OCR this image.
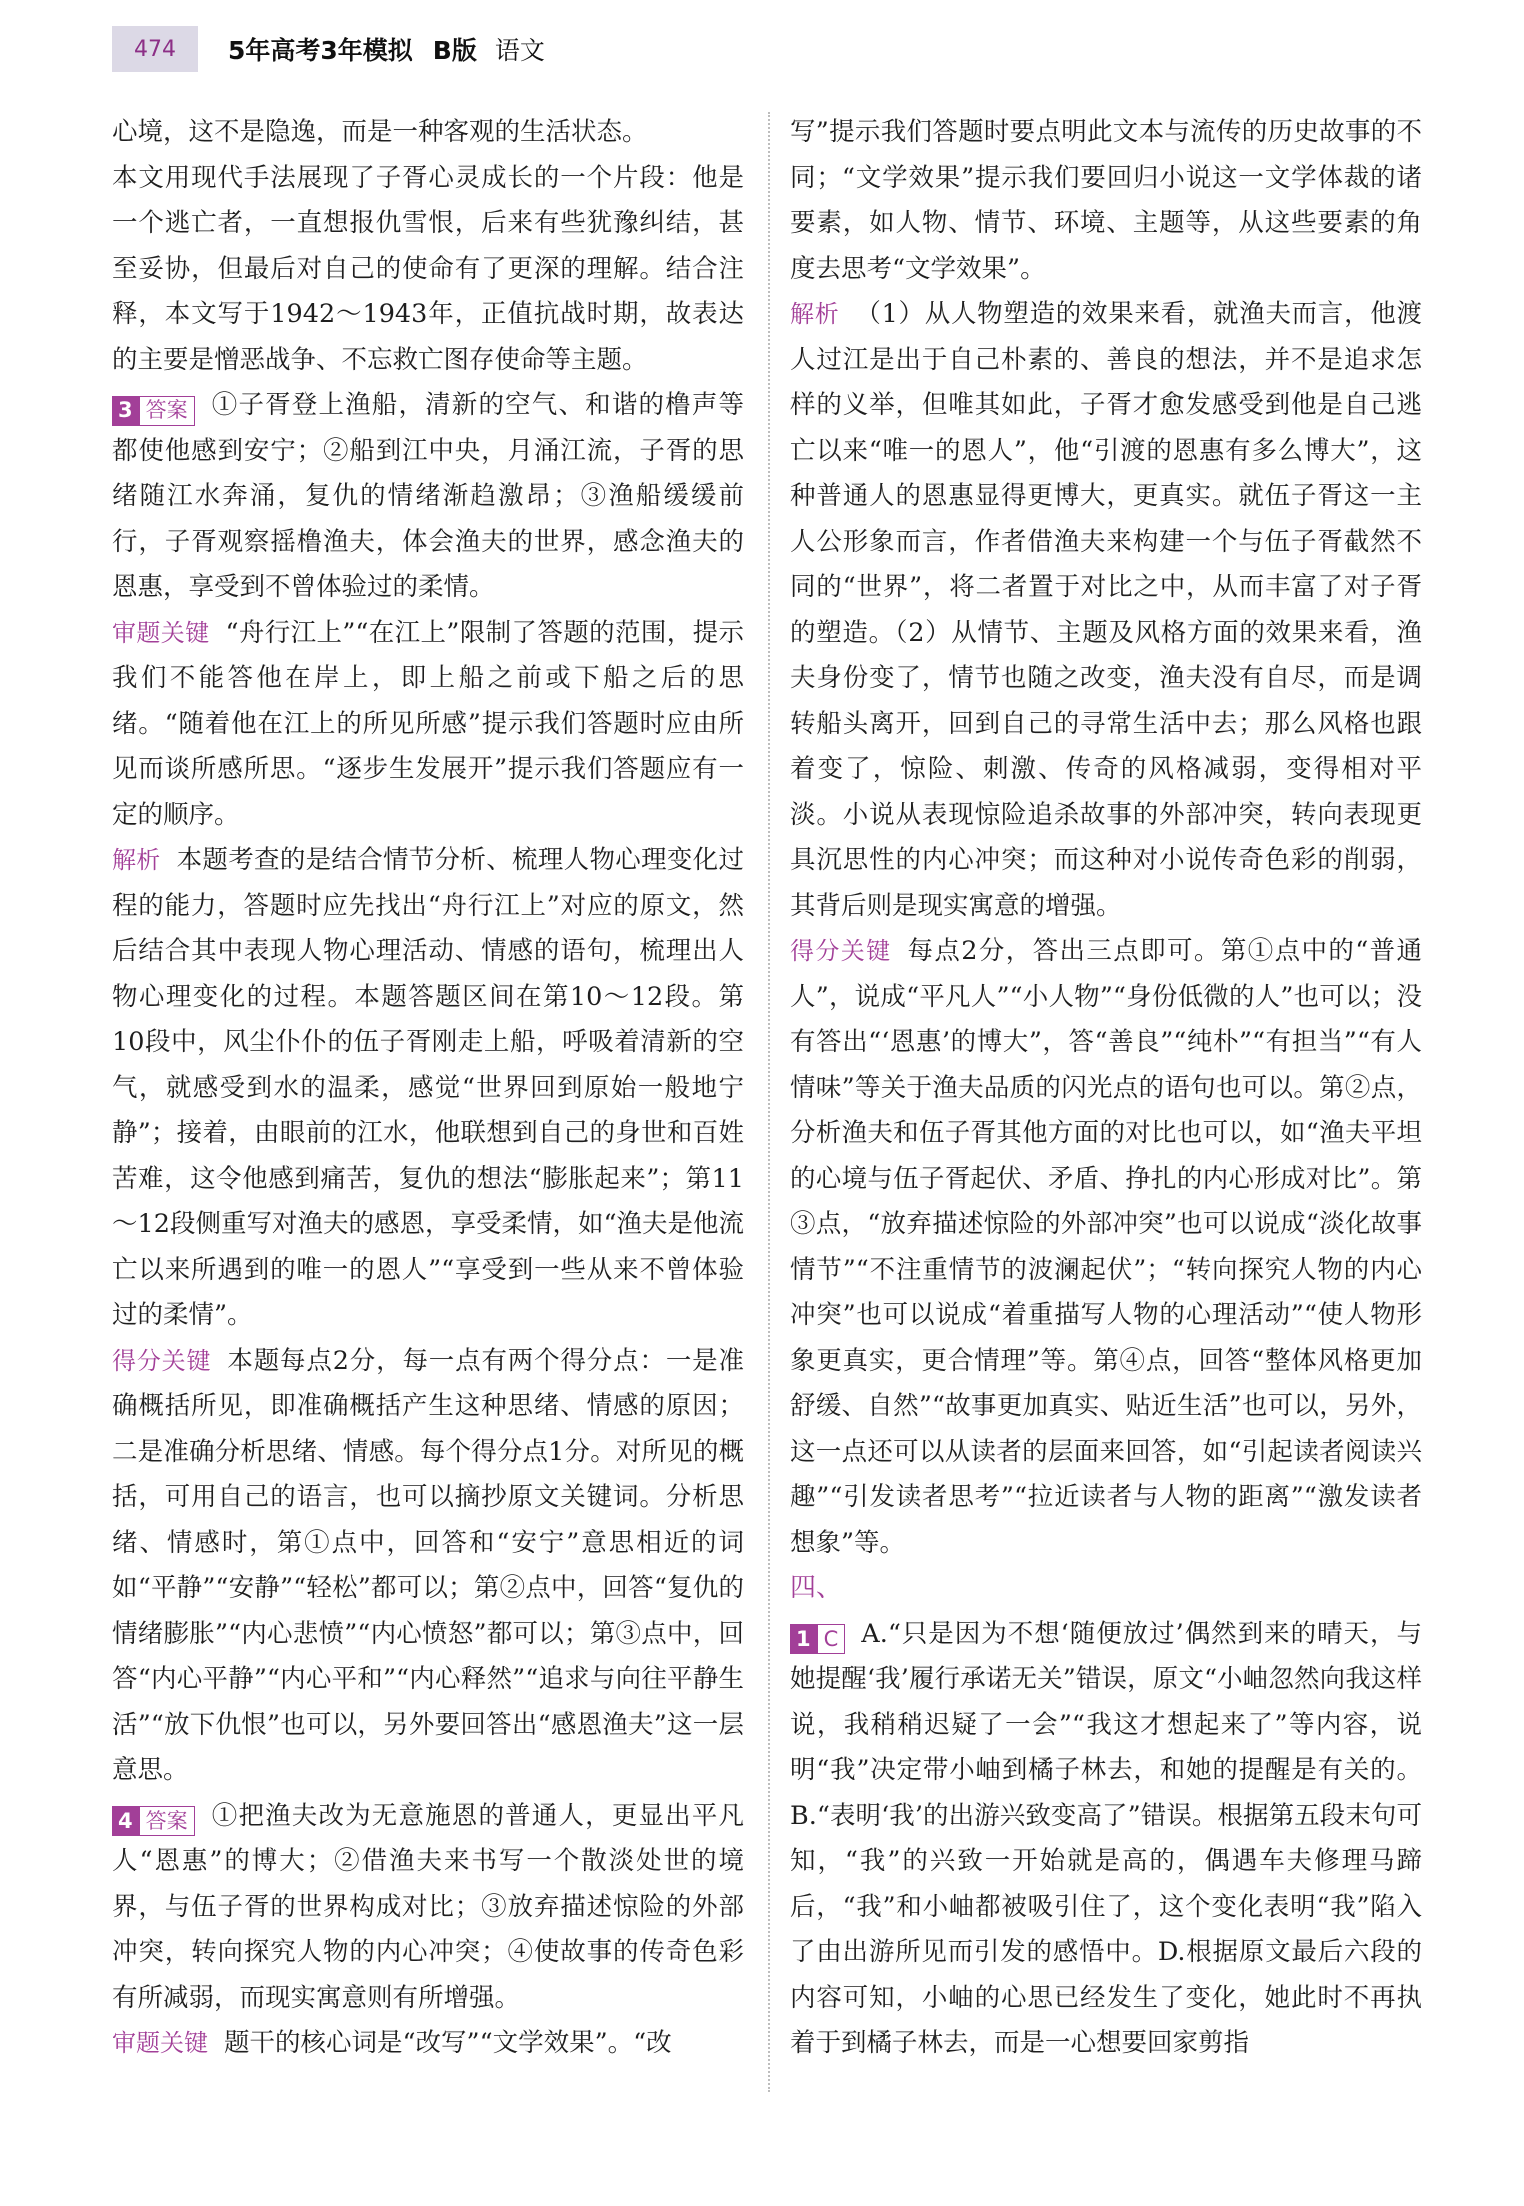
474	5年高考3年模拟 B版 语文

心境，这不是隐逸，而是一种客观的生活状态。

本文用现代手法展现了子胥心灵成长的一个片段：他是一个逃亡者，一直想报仇雪恨，后来有些犹豫纠结，甚至妥协，但最后对自己的使命有了更深的理解。结合注释，本文写于1942～1943年，正值抗战时期，故表达的主要是憎恶战争、不忘救亡图存使命等主题。

3 答案 ①子胥登上渔船，清新的空气、和谐的橹声等都使他感到安宁；②船到江中央，月涌江流，子胥的思绪随江水奔涌，复仇的情绪渐趋激昂；③渔船缓缓前行，子胥观察摇橹渔夫，体会渔夫的世界，感念渔夫的恩惠，享受到不曾体验过的柔情。

审题关键 “舟行江上”“在江上”限制了答题的范围，提示我们不能答他在岸上，即上船之前或下船之后的思绪。“随着他在江上的所见所感”提示我们答题时应由所见而谈所感所思。“逐步生发展开”提示我们答题应有一定的顺序。

解析 本题考查的是结合情节分析、梳理人物心理变化过程的能力，答题时应先找出“舟行江上”对应的原文，然后结合其中表现人物心理活动、情感的语句，梳理出人物心理变化的过程。本题答题区间在第10～12段。第10段中，风尘仆仆的伍子胥刚走上船，呼吸着清新的空气，就感受到水的温柔，感觉“世界回到原始一般地宁静”；接着，由眼前的江水，他联想到自己的身世和百姓苦难，这令他感到痛苦，复仇的想法“膨胀起来”；第11～12段侧重写对渔夫的感恩，享受柔情，如“渔夫是他流亡以来所遇到的唯一的恩人”“享受到一些从来不曾体验过的柔情”。

得分关键 本题每点2分，每一点有两个得分点：一是准确概括所见，即准确概括产生这种思绪、情感的原因；二是准确分析思绪、情感。每个得分点1分。对所见的概括，可用自己的语言，也可以摘抄原文关键词。分析思绪、情感时，第①点中，回答和“安宁”意思相近的词如“平静”“安静”“轻松”都可以；第②点中，回答“复仇的情绪膨胀”“内心悲愤”“内心愤怒”都可以；第③点中，回答“内心平静”“内心平和”“内心释然”“追求与向往平静生活”“放下仇恨”也可以，另外要回答出“感恩渔夫”这一层意思。

4 答案 ①把渔夫改为无意施恩的普通人，更显出平凡人“恩惠”的博大；②借渔夫来书写一个散淡处世的境界，与伍子胥的世界构成对比；③放弃描述惊险的外部冲突，转向探究人物的内心冲突；④使故事的传奇色彩有所减弱，而现实寓意则有所增强。

审题关键 题干的核心词是“改写”“文学效果”。“改

写”提示我们答题时要点明此文本与流传的历史故事的不同；“文学效果”提示我们要回归小说这一文学体裁的诸要素，如人物、情节、环境、主题等，从这些要素的角度去思考“文学效果”。

解析 （1）从人物塑造的效果来看，就渔夫而言，他渡人过江是出于自己朴素的、善良的想法，并不是追求怎样的义举，但唯其如此，子胥才愈发感受到他是自己逃亡以来“唯一的恩人”，他“引渡的恩惠有多么博大”，这种普通人的恩惠显得更博大，更真实。就伍子胥这一主人公形象而言，作者借渔夫来构建一个与伍子胥截然不同的“世界”，将二者置于对比之中，从而丰富了对子胥的塑造。（2）从情节、主题及风格方面的效果来看，渔夫身份变了，情节也随之改变，渔夫没有自尽，而是调转船头离开，回到自己的寻常生活中去；那么风格也跟着变了，惊险、刺激、传奇的风格减弱，变得相对平淡。小说从表现惊险追杀故事的外部冲突，转向表现更具沉思性的内心冲突；而这种对小说传奇色彩的削弱，其背后则是现实寓意的增强。

得分关键 每点2分，答出三点即可。第①点中的“普通人”，说成“平凡人”“小人物”“身份低微的人”也可以；没有答出“‘恩惠’的博大”，答“善良”“纯朴”“有担当”“有人情味”等关于渔夫品质的闪光点的语句也可以。第②点，分析渔夫和伍子胥其他方面的对比也可以，如“渔夫平坦的心境与伍子胥起伏、矛盾、挣扎的内心形成对比”。第③点，“放弃描述惊险的外部冲突”也可以说成“淡化故事情节”“不注重情节的波澜起伏”；“转向探究人物的内心冲突”也可以说成“着重描写人物的心理活动”“使人物形象更真实，更合情理”等。第④点，回答“整体风格更加舒缓、自然”“故事更加真实、贴近生活”也可以，另外，这一点还可以从读者的层面来回答，如“引起读者阅读兴趣”“引发读者思考”“拉近读者与人物的距离”“激发读者想象”等。

四、

1 C A.“只是因为不想‘随便放过’偶然到来的晴天，与她提醒‘我’履行承诺无关”错误，原文“小岫忽然向我这样说，我稍稍迟疑了一会”“我这才想起来了”等内容，说明“我”决定带小岫到橘子林去，和她的提醒是有关的。B.“表明‘我’的出游兴致变高了”错误。根据第五段末句可知，“我”的兴致一开始就是高的，偶遇车夫修理马蹄后，“我”和小岫都被吸引住了，这个变化表明“我”陷入了由出游所见而引发的感悟中。D.根据原文最后六段的内容可知，小岫的心思已经发生了变化，她此时不再执着于到橘子林去，而是一心想要回家剪指
